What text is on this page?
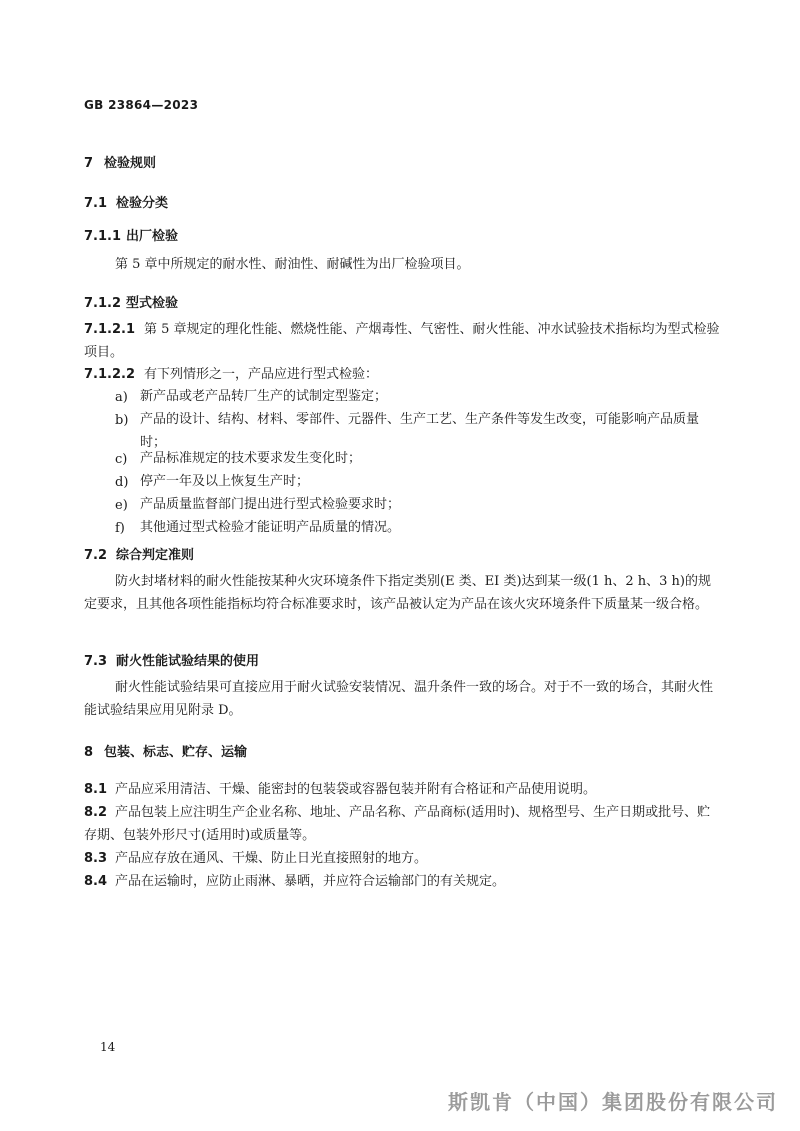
GB 23864—2023
7 检验规则
7.1 检验分类
7.1.1 出厂检验
第 5 章中所规定的耐水性、耐油性、耐碱性为出厂检验项目。
7.1.2 型式检验
7.1.2.1 第 5 章规定的理化性能、燃烧性能、产烟毒性、气密性、耐火性能、冲水试验技术指标均为型式检验项目。
7.1.2.2 有下列情形之一，产品应进行型式检验：
a) 新产品或老产品转厂生产的试制定型鉴定；
b) 产品的设计、结构、材料、零部件、元器件、生产工艺、生产条件等发生改变，可能影响产品质量时；
c) 产品标准规定的技术要求发生变化时；
d) 停产一年及以上恢复生产时；
e) 产品质量监督部门提出进行型式检验要求时；
f) 其他通过型式检验才能证明产品质量的情况。
7.2 综合判定准则
防火封堵材料的耐火性能按某种火灾环境条件下指定类别(E 类、EI 类)达到某一级(1 h、2 h、3 h)的规定要求，且其他各项性能指标均符合标准要求时，该产品被认定为产品在该火灾环境条件下质量某一级合格。
7.3 耐火性能试验结果的使用
耐火性能试验结果可直接应用于耐火试验安装情况、温升条件一致的场合。对于不一致的场合，其耐火性能试验结果应用见附录 D。
8 包装、标志、贮存、运输
8.1 产品应采用清洁、干燥、能密封的包装袋或容器包装并附有合格证和产品使用说明。
8.2 产品包装上应注明生产企业名称、地址、产品名称、产品商标(适用时)、规格型号、生产日期或批号、贮存期、包装外形尺寸(适用时)或质量等。
8.3 产品应存放在通风、干燥、防止日光直接照射的地方。
8.4 产品在运输时，应防止雨淋、暴晒，并应符合运输部门的有关规定。
14
斯凯肯（中国）集团股份有限公司
